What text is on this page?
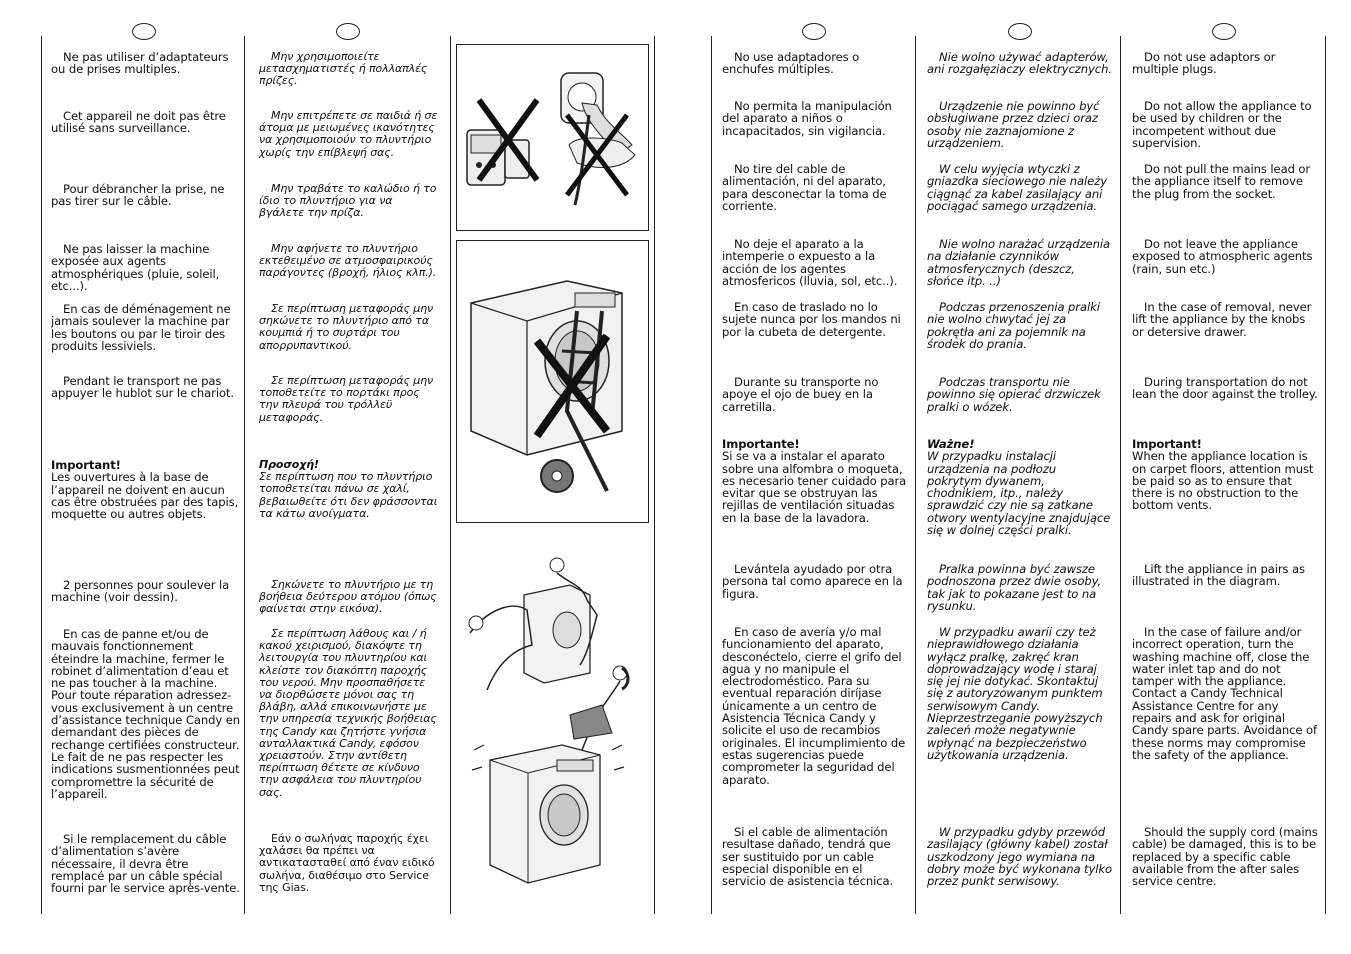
Ne pas utiliser d’adaptateurs ou de prises multiples.

Cet appareil ne doit pas être utilisé sans surveillance.

Pour débrancher la prise, ne pas tirer sur le câble.

Ne pas laisser la machine exposée aux agents atmosphériques (pluie, soleil, etc...).

En cas de déménagement ne jamais soulever la machine par les boutons ou par le tiroir des produits lessiviels.

Pendant le transport ne pas appuyer le hublot sur le chariot.

Important!
Les ouvertures à la base de l’appareil ne doivent en aucun cas être obstruées par des tapis, moquette ou autres objets.

2 personnes pour soulever la machine (voir dessin).

En cas de panne et/ou de mauvais fonctionnement éteindre la machine, fermer le robinet d’alimentation d’eau et ne pas toucher à la machine. Pour toute réparation adressez-vous exclusivement à un centre d’assistance technique Candy en demandant des pièces de rechange certifiées constructeur. Le fait de ne pas respecter les indications susmentionnées peut compromettre la sécurité de l’appareil.

Si le remplacement du câble d’alimentation s’avère nécessaire, il devra être remplacé par un câble spécial fourni par le service après-vente.

Μην χρησιμοποιείτε μετασχηματιστές ή πολλαπλές πρίζες.

Μην επιτρέπετε σε παιδιά ή σε άτομα με μειωμένες ικανότητες να χρησιμοποιούν το πλυντήριο χωρίς την επίβλεψή σας.

Μην τραβάτε το καλώδιο ή το ίδιο το πλυντήριο για να βγάλετε την πρίζα.

Μην αφήνετε το πλυντήριο εκτεθειμένο σε ατμοσφαιρικούς παράγοντες (βροχή, ήλιος κλπ.).

Σε περίπτωση μεταφοράς μην σηκώνετε το πλυντήριο από τα κουμπιά ή το συρτάρι του απορρυπαντικού.

Σε περίπτωση μεταφοράς μην τοποθετείτε το πορτάκι προς την πλευρά του τρόλλεϋ μεταφοράς.

Προσοχή!
Σε περίπτωση που το πλυντήριο τοποθετείται πάνω σε χαλί, βεβαιωθείτε ότι δεν φράσσονται τα κάτω ανοίγματα.

Σηκώνετε το πλυντήριο με τη βοήθεια δεύτερου ατόμου (όπως φαίνεται στην εικόνα).

Σε περίπτωση λάθους και / ή κακού χειρισμού, διακόψτε τη λειτουργία του πλυντηρίου και κλείστε τον διακόπτη παροχής του νερού. Μην προσπαθήσετε να διορθώσετε μόνοι σας τη βλάβη, αλλά επικοινωνήστε με την υπηρεσία τεχνικής βοήθειας της Candy και ζητήστε γνήσια ανταλλακτικά Candy, εφόσον χρειαστούν. Στην αντίθετη περίπτωση θέτετε σε κίνδυνο την ασφάλεια του πλυντηρίου σας.

Εάν ο σωλήνας παροχής έχει χαλάσει θα πρέπει να αντικατασταθεί από έναν ειδικό σωλήνα, διαθέσιμο στο Service της Gias.

No use adaptadores o enchufes múltiples.

No permita la manipulación del aparato a niños o incapacitados, sin vigilancia.

No tire del cable de alimentación, ni del aparato, para desconectar la toma de corriente.

No deje el aparato a la intemperie o expuesto a la acción de los agentes atmosfericos (lluvia, sol, etc..).

En caso de traslado no lo sujete nunca por los mandos ni por la cubeta de detergente.

Durante su transporte no apoye el ojo de buey en la carretilla.

Importante!
Si se va a instalar el aparato sobre una alfombra o moqueta, es necesario tener cuidado para evitar que se obstruyan las rejillas de ventilación situadas en la base de la lavadora.

Levántela ayudado por otra persona tal como aparece en la figura.

En caso de avería y/o mal funcionamiento del aparato, desconéctelo, cierre el grifo del agua y no manipule el electrodoméstico. Para su eventual reparación diríjase únicamente a un centro de Asistencia Técnica Candy y solicite el uso de recambios originales. El incumplimiento de estas sugerencias puede comprometer la seguridad del aparato.

Si el cable de alimentación resultase dañado, tendrá que ser sustituido por un cable especial disponible en el servicio de asistencia técnica.

Nie wolno używać adapterów, ani rozgałęziaczy elektrycznych.

Urządzenie nie powinno być obsługiwane przez dzieci oraz osoby nie zaznajomione z urządzeniem.

W celu wyjęcia wtyczki z gniazdka sieciowego nie należy ciągnąć za kabel zasilający ani pociągać samego urządzenia.

Nie wolno narażać urządzenia na działanie czynników atmosferycznych (deszcz, słońce itp. ..)

Podczas przenoszenia pralki nie wolno chwytać jej za pokrętła ani za pojemnik na środek do prania.

Podczas transportu nie powinno się opierać drzwiczek pralki o wózek.

Ważne!
W przypadku instalacji urządzenia na podłozu pokrytym dywanem, chodnikiem, itp., należy sprawdzić czy nie są zatkane otwory wentylacyjne znajdujące się w dolnej części pralki.

Pralka powinna być zawsze podnoszona przez dwie osoby, tak jak to pokazane jest to na rysunku.

W przypadku awarii czy też nieprawidłowego działania wyłącz pralkę, zakręć kran doprowadzający wodę i staraj się jej nie dotykać. Skontaktuj się z autoryzowanym punktem serwisowym Candy. Nieprzestrzeganie powyższych zaleceń może negatywnie wpłynąć na bezpieczeństwo użytkowania urządzenia.

W przypadku gdyby przewód zasilający (główny kabel) został uszkodzony jego wymiana na dobry może być wykonana tylko przez punkt serwisowy.

Do not use adaptors or multiple plugs.

Do not allow the appliance to be used by children or the incompetent without due supervision.

Do not pull the mains lead or the appliance itself to remove the plug from the socket.

Do not leave the appliance exposed to atmospheric agents (rain, sun etc.)

In the case of removal, never lift the appliance by the knobs or detersive drawer.

During transportation do not lean the door against the trolley.

Important!
When the appliance location is on carpet floors, attention must be paid so as to ensure that there is no obstruction to the bottom vents.

Lift the appliance in pairs as illustrated in the diagram.

In the case of failure and/or incorrect operation, turn the washing machine off, close the water inlet tap and do not tamper with the appliance. Contact a Candy Technical Assistance Centre for any repairs and ask for original Candy spare parts. Avoidance of these norms may compromise the safety of the appliance.

Should the supply cord (mains cable) be damaged, this is to be replaced by a specific cable available from the after sales service centre.
